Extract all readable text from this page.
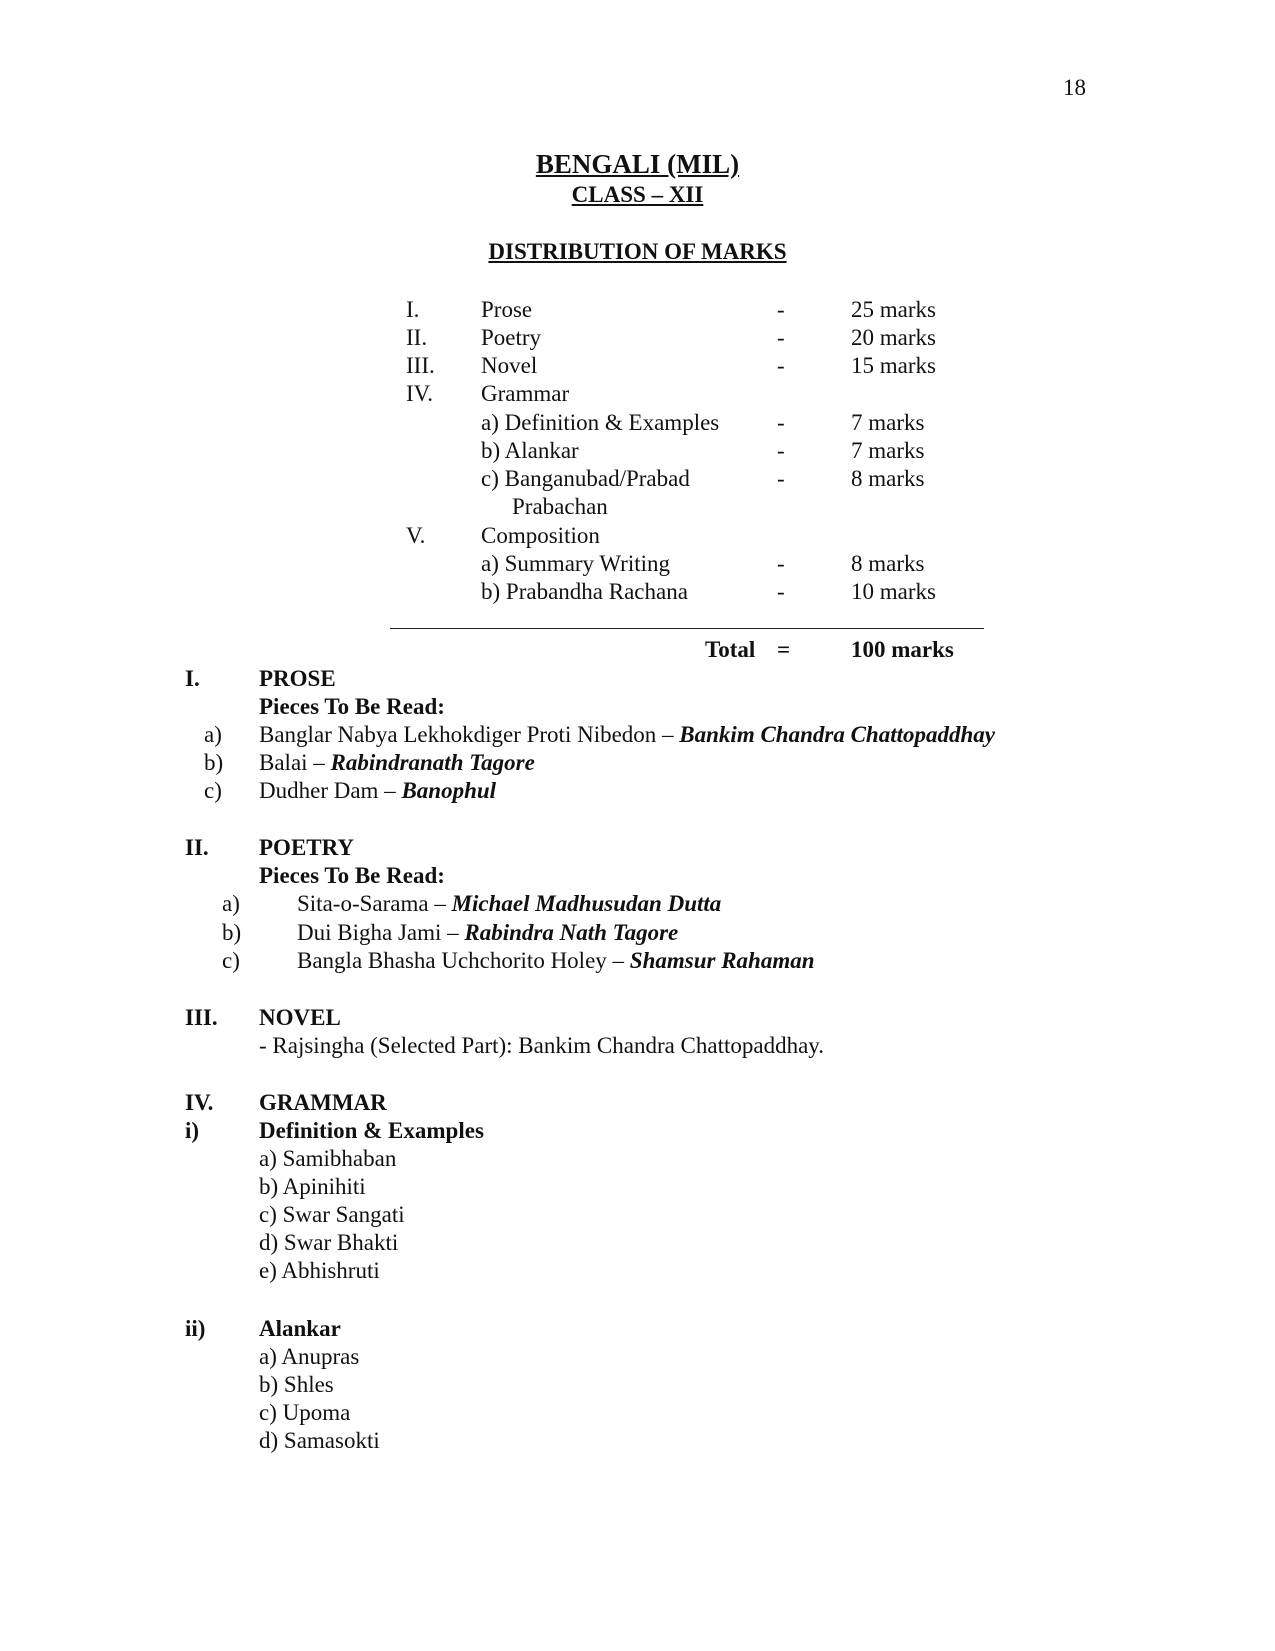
18
BENGALI (MIL)
CLASS – XII
DISTRIBUTION OF MARKS
I.	Prose	-	25 marks
II. Poetry	-	20 marks
III. Novel	-	15 marks
IV. Grammar
a) Definition & Examples	-	7 marks
b) Alankar	-	7 marks
c) Banganubad/Prabad	-	8 marks
Prabachan
V. Composition
a) Summary Writing	-	8 marks
b) Prabandha Rachana	-	10 marks
Total =	100 marks
I.	PROSE
Pieces To Be Read:
a) Banglar Nabya Lekhokdiger Proti Nibedon – Bankim Chandra Chattopaddhay
b) Balai – Rabindranath Tagore
c) Dudher Dam – Banophul
II. POETRY
Pieces To Be Read:
a) Sita-o-Sarama – Michael Madhusudan Dutta
b) Dui Bigha Jami – Rabindra Nath Tagore
c) Bangla Bhasha Uchchorito Holey – Shamsur Rahaman
III. NOVEL
- Rajsingha (Selected Part): Bankim Chandra Chattopaddhay.
IV. GRAMMAR
i)	Definition & Examples
a) Samibhaban
b) Apinihiti
c) Swar Sangati
d) Swar Bhakti
e) Abhishruti
ii) Alankar
a) Anupras
b) Shles
c) Upoma
d) Samasokti
